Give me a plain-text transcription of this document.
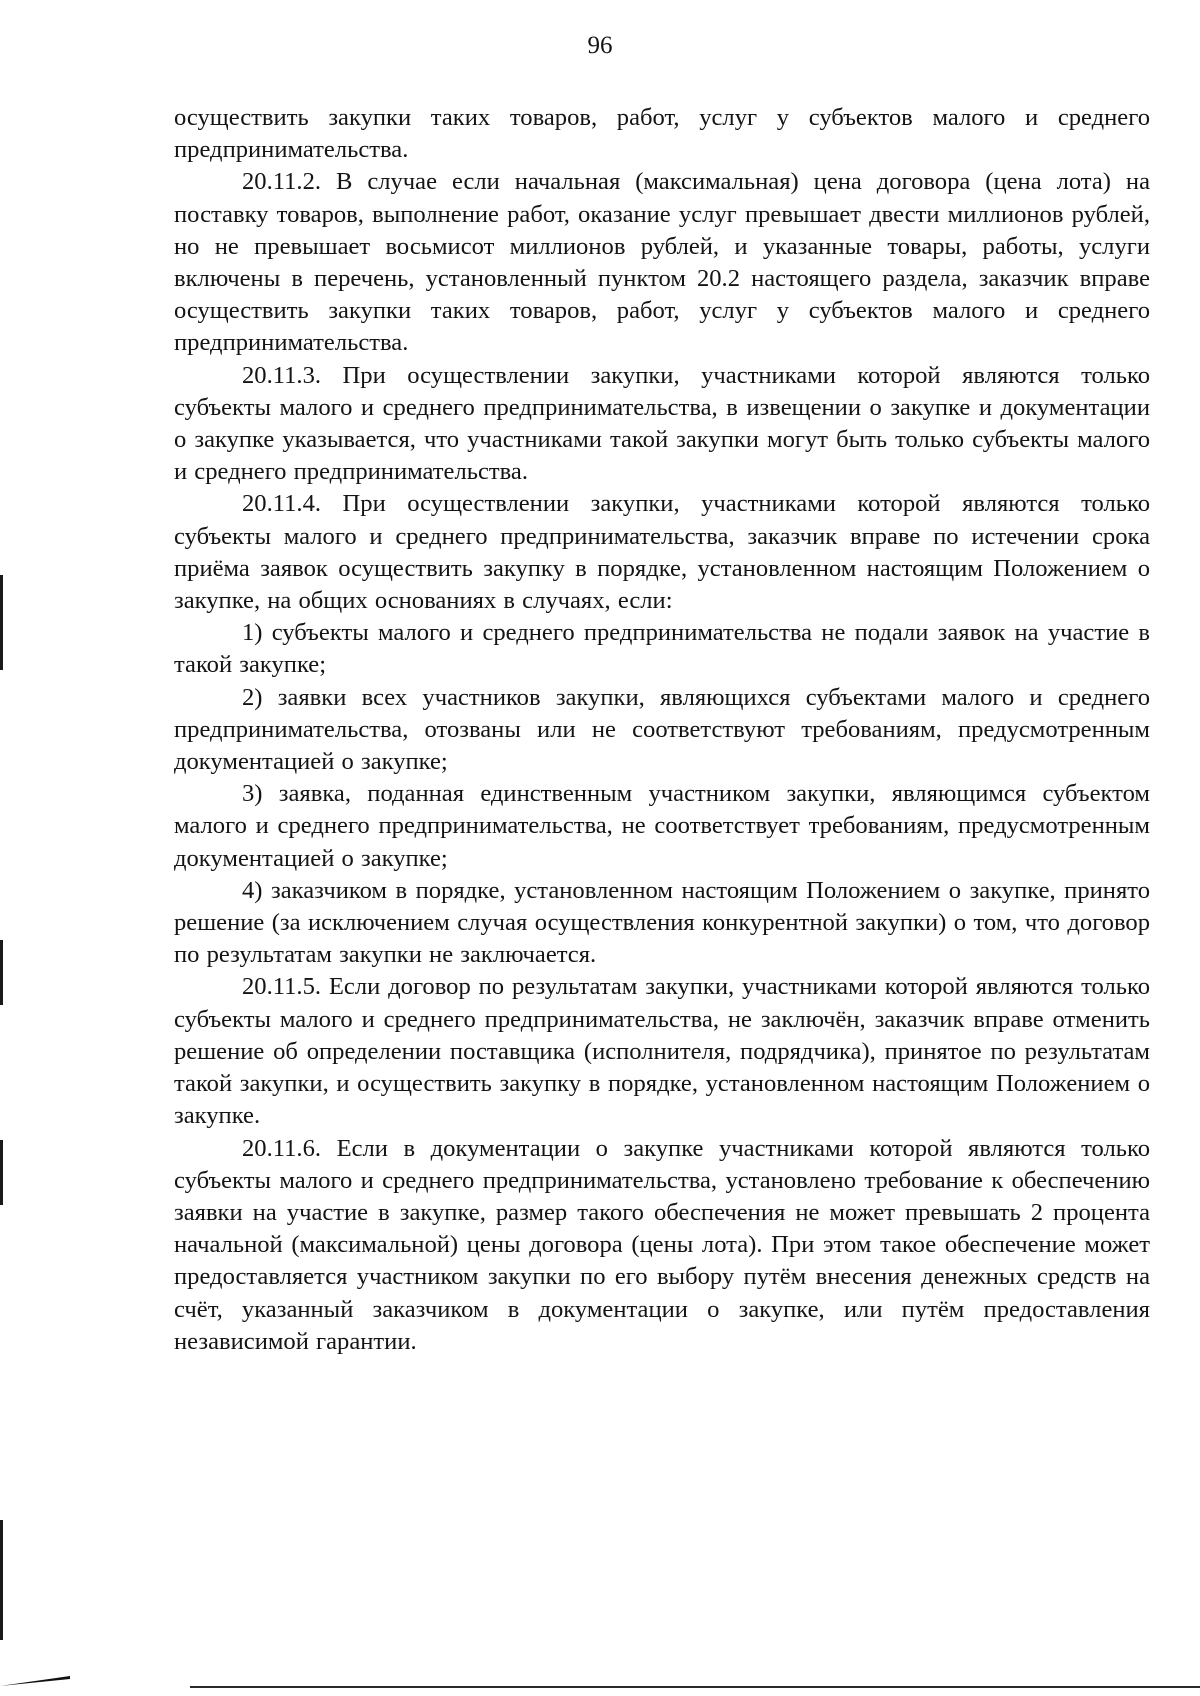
96

осуществить закупки таких товаров, работ, услуг у субъектов малого и среднего предпринимательства.

20.11.2. В случае если начальная (максимальная) цена договора (цена лота) на поставку товаров, выполнение работ, оказание услуг превышает двести миллионов рублей, но не превышает восьмисот миллионов рублей, и указанные товары, работы, услуги включены в перечень, установленный пунктом 20.2 настоящего раздела, заказчик вправе осуществить закупки таких товаров, работ, услуг у субъектов малого и среднего предпринимательства.

20.11.3. При осуществлении закупки, участниками которой являются только субъекты малого и среднего предпринимательства, в извещении о закупке и документации о закупке указывается, что участниками такой закупки могут быть только субъекты малого и среднего предпринимательства.

20.11.4. При осуществлении закупки, участниками которой являются только субъекты малого и среднего предпринимательства, заказчик вправе по истечении срока приёма заявок осуществить закупку в порядке, установленном настоящим Положением о закупке, на общих основаниях в случаях, если:

1) субъекты малого и среднего предпринимательства не подали заявок на участие в такой закупке;

2) заявки всех участников закупки, являющихся субъектами малого и среднего предпринимательства, отозваны или не соответствуют требованиям, предусмотренным документацией о закупке;

3) заявка, поданная единственным участником закупки, являющимся субъектом малого и среднего предпринимательства, не соответствует требованиям, предусмотренным документацией о закупке;

4) заказчиком в порядке, установленном настоящим Положением о закупке, принято решение (за исключением случая осуществления конкурентной закупки) о том, что договор по результатам закупки не заключается.

20.11.5. Если договор по результатам закупки, участниками которой являются только субъекты малого и среднего предпринимательства, не заключён, заказчик вправе отменить решение об определении поставщика (исполнителя, подрядчика), принятое по результатам такой закупки, и осуществить закупку в порядке, установленном настоящим Положением о закупке.

20.11.6. Если в документации о закупке участниками которой являются только субъекты малого и среднего предпринимательства, установлено требование к обеспечению заявки на участие в закупке, размер такого обеспечения не может превышать 2 процента начальной (максимальной) цены договора (цены лота). При этом такое обеспечение может предоставляется участником закупки по его выбору путём внесения денежных средств на счёт, указанный заказчиком в документации о закупке, или путём предоставления независимой гарантии.
